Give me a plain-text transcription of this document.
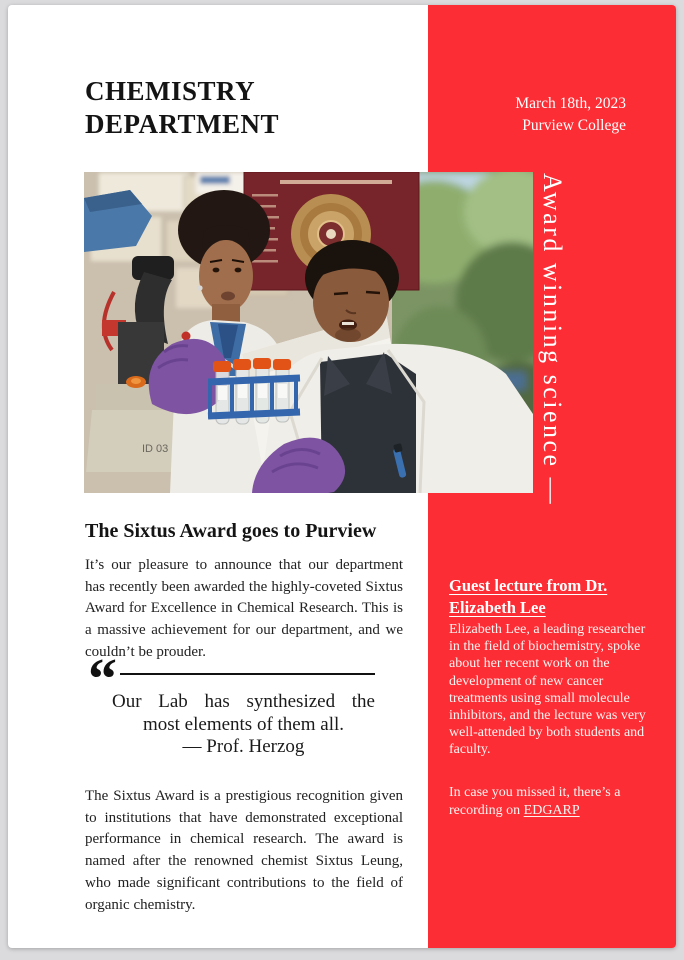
CHEMISTRY
DEPARTMENT
March 18th, 2023
Purview College
ID 03	Award winning science —
The Sixtus Award goes to Purview
It’s our pleasure to announce that our department has recently been awarded the highly-coveted Sixtus Award for Excellence in Chemical Research. This is a massive achievement for our department, and we couldn’t be prouder.
“
Our Lab has synthesized the
most elements of them all.
— Prof. Herzog
The Sixtus Award is a prestigious recognition given to institutions that have demonstrated exceptional performance in chemical research. The award is named after the renowned chemist Sixtus Leung, who made significant contributions to the field of organic chemistry.
Guest lecture from Dr. Elizabeth Lee
Elizabeth Lee, a leading researcher in the field of biochemistry, spoke about her recent work on the development of new cancer treatments using small molecule inhibitors, and the lecture was very well-attended by both students and faculty.
In case you missed it, there’s a recording on EDGARP
